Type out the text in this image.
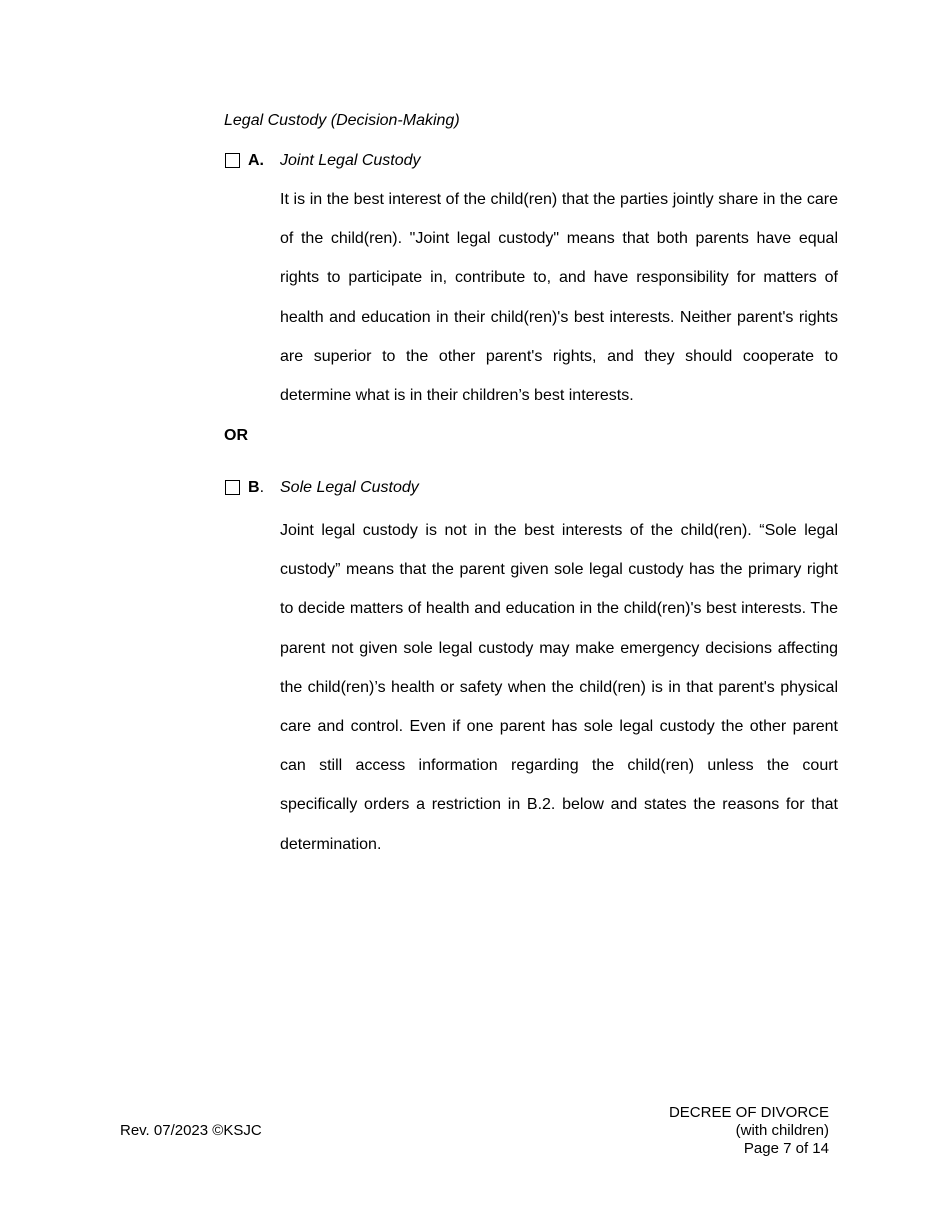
Legal Custody (Decision-Making)
A. Joint Legal Custody

It is in the best interest of the child(ren) that the parties jointly share in the care of the child(ren). "Joint legal custody" means that both parents have equal rights to participate in, contribute to, and have responsibility for matters of health and education in their child(ren)'s best interests. Neither parent's rights are superior to the other parent's rights, and they should cooperate to determine what is in their children’s best interests.

OR
B. Sole Legal Custody

Joint legal custody is not in the best interests of the child(ren). “Sole legal custody” means that the parent given sole legal custody has the primary right to decide matters of health and education in the child(ren)'s best interests. The parent not given sole legal custody may make emergency decisions affecting the child(ren)’s health or safety when the child(ren) is in that parent's physical care and control. Even if one parent has sole legal custody the other parent can still access information regarding the child(ren) unless the court specifically orders a restriction in B.2. below and states the reasons for that determination.

Rev. 07/2023 ©KSJC
DECREE OF DIVORCE
(with children)
Page 7 of 14
